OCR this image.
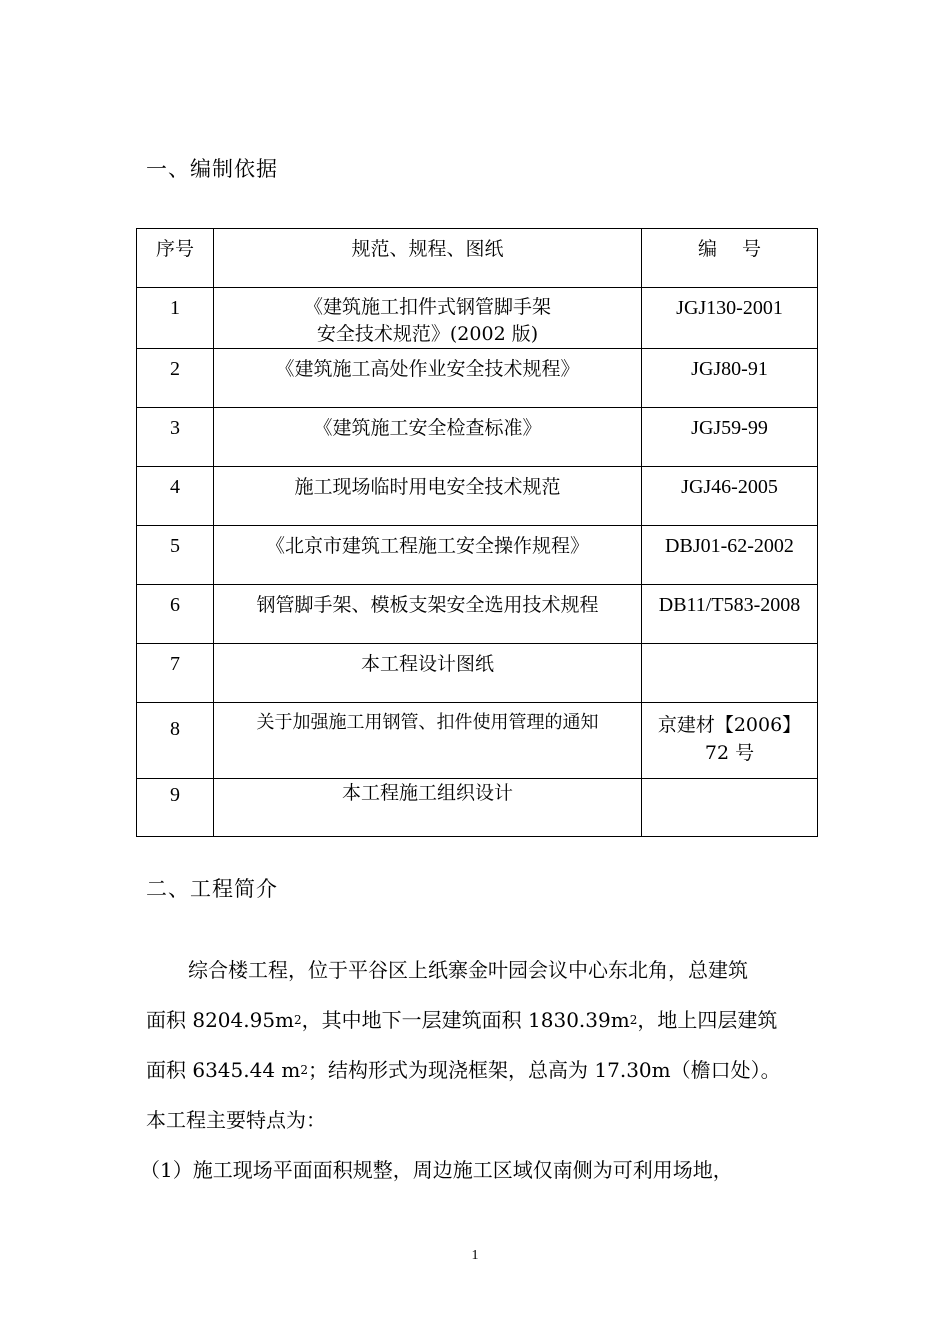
一、编制依据
序号	规范、规程、图纸	编　 号
1	《建筑施工扣件式钢管脚手架
安全技术规范》(2002 版)	JGJ130-2001
2	《建筑施工高处作业安全技术规程》	JGJ80-91
3	《建筑施工安全检查标准》	JGJ59-99
4	施工现场临时用电安全技术规范	JGJ46-2005
5	《北京市建筑工程施工安全操作规程》	DBJ01-62-2002
6	钢管脚手架、模板支架安全选用技术规程	DB11/T583-2008
7	本工程设计图纸	
8	关于加强施工用钢管、扣件使用管理的通知	京建材【2006】
72 号

9	本工程施工组织设计	
二、工程简介
综合楼工程，位于平谷区上纸寨金叶园会议中心东北角，总建筑
面积 $8204.95m_2$，其中地下一层建筑面积 $1830.39m_2$，地上四层建筑
面积 6345.44 $m_2$；结构形式为现浇框架，总高为 17.30m（檐口处）。
本工程主要特点为：
（1）施工现场平面面积规整，周边施工区域仅南侧为可利用场地，
1
